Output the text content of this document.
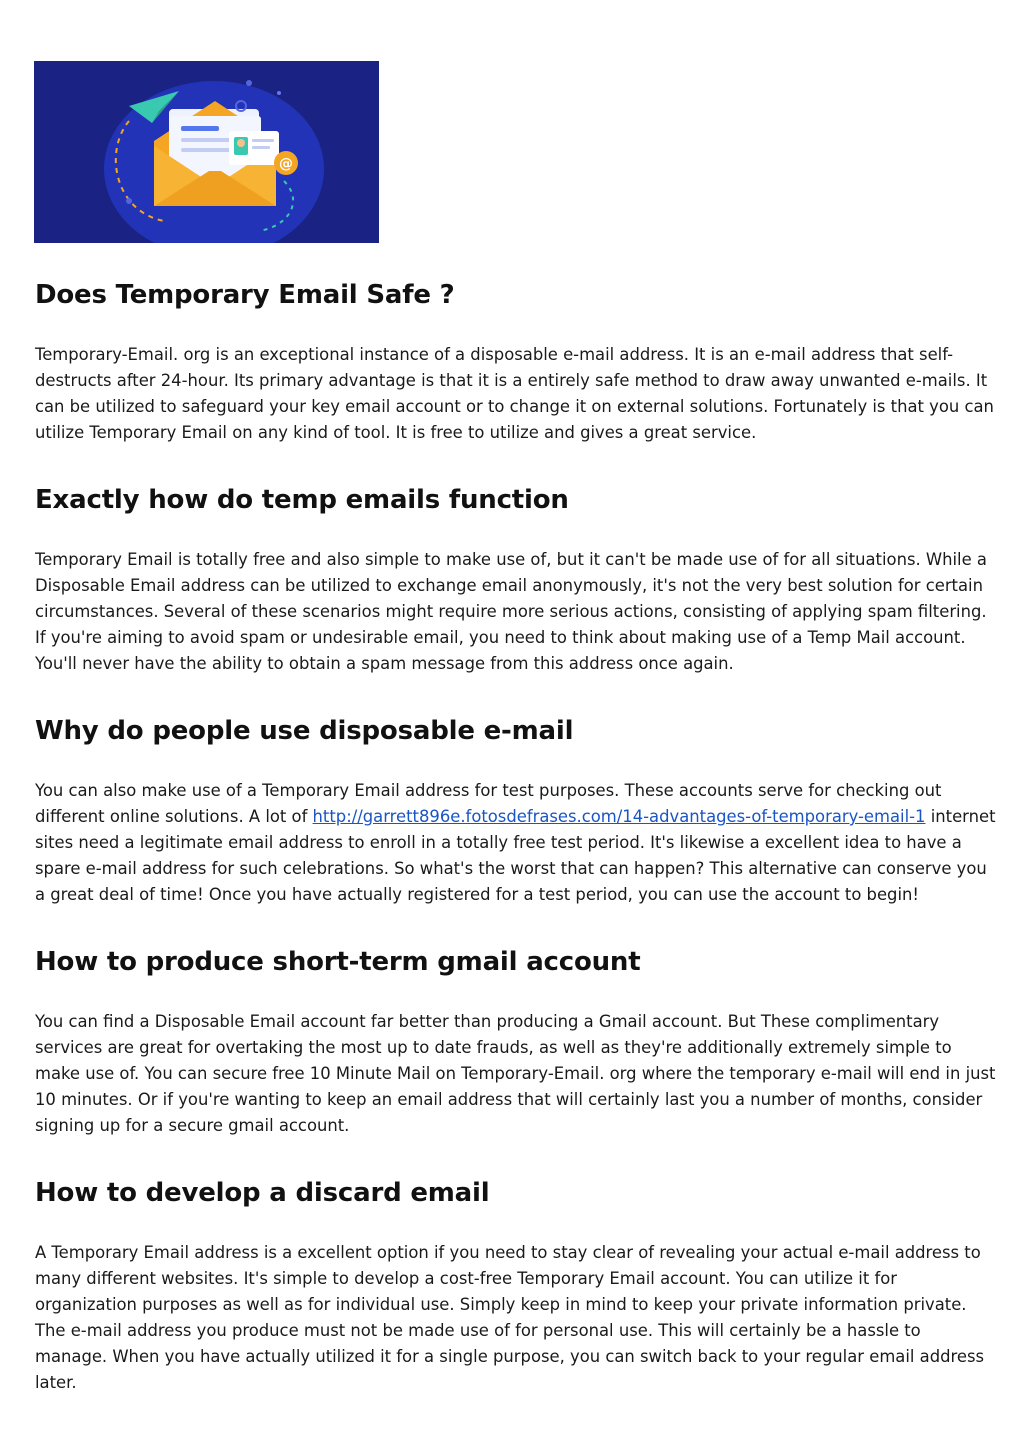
@
Does Temporary Email Safe ?

Temporary-Email. org is an exceptional instance of a disposable e-mail address. It is an e-mail address that self-destructs after 24-hour. Its primary advantage is that it is a entirely safe method to draw away unwanted e-mails. It can be utilized to safeguard your key email account or to change it on external solutions. Fortunately is that you can utilize Temporary Email on any kind of tool. It is free to utilize and gives a great service.

Exactly how do temp emails function

Temporary Email is totally free and also simple to make use of, but it can't be made use of for all situations. While a Disposable Email address can be utilized to exchange email anonymously, it's not the very best solution for certain circumstances. Several of these scenarios might require more serious actions, consisting of applying spam filtering. If you're aiming to avoid spam or undesirable email, you need to think about making use of a Temp Mail account. You'll never have the ability to obtain a spam message from this address once again.

Why do people use disposable e-mail

You can also make use of a Temporary Email address for test purposes. These accounts serve for checking out different online solutions. A lot of http://garrett896e.fotosdefrases.com/14-advantages-of-temporary-email-1 internet sites need a legitimate email address to enroll in a totally free test period. It's likewise a excellent idea to have a spare e-mail address for such celebrations. So what's the worst that can happen? This alternative can conserve you a great deal of time! Once you have actually registered for a test period, you can use the account to begin!

How to produce short-term gmail account

You can find a Disposable Email account far better than producing a Gmail account. But These complimentary services are great for overtaking the most up to date frauds, as well as they're additionally extremely simple to make use of. You can secure free 10 Minute Mail on Temporary-Email. org where the temporary e-mail will end in just 10 minutes. Or if you're wanting to keep an email address that will certainly last you a number of months, consider signing up for a secure gmail account.

How to develop a discard email

A Temporary Email address is a excellent option if you need to stay clear of revealing your actual e-mail address to many different websites. It's simple to develop a cost-free Temporary Email account. You can utilize it for organization purposes as well as for individual use. Simply keep in mind to keep your private information private. The e-mail address you produce must not be made use of for personal use. This will certainly be a hassle to manage. When you have actually utilized it for a single purpose, you can switch back to your regular email address later.
